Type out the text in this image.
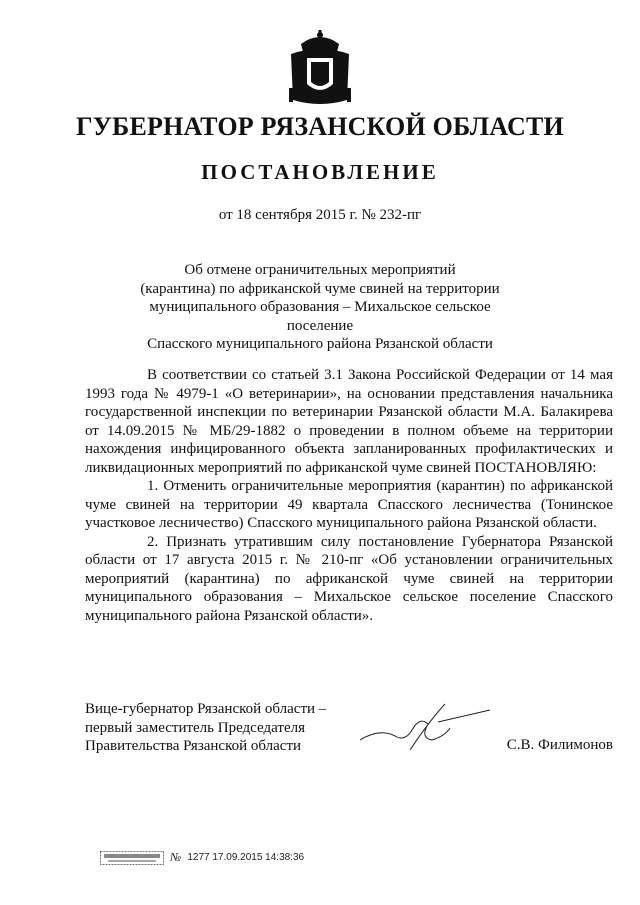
ГУБЕРНАТОР РЯЗАНСКОЙ ОБЛАСТИ
ПОСТАНОВЛЕНИЕ
от 18 сентября 2015 г. № 232-пг
Об отмене ограничительных мероприятий
(карантина) по африканской чуме свиней на территории
муниципального образования – Михальское сельское поселение
Спасского муниципального района Рязанской области

В соответствии со статьей 3.1 Закона Российской Федерации от 14 мая 1993 года № 4979-1 «О ветеринарии», на основании представления начальника государственной инспекции по ветеринарии Рязанской области М.А. Балакирева от 14.09.2015 № МБ/29-1882 о проведении в полном объеме на территории нахождения инфицированного объекта запланированных профилактических и ликвидационных мероприятий по африканской чуме свиней ПОСТАНОВЛЯЮ:

1. Отменить ограничительные мероприятия (карантин) по африканской чуме свиней на территории 49 квартала Спасского лесничества (Тонинское участковое лесничество) Спасского муниципального района Рязанской области.

2. Признать утратившим силу постановление Губернатора Рязанской области от 17 августа 2015 г. № 210-пг «Об установлении ограничительных мероприятий (карантина) по африканской чуме свиней на территории муниципального образования – Михальское сельское поселение Спасского муниципального района Рязанской области».

Вице-губернатор Рязанской области –
первый заместитель Председателя
Правительства Рязанской области	С.В. Филимонов
№ 1277 17.09.2015 14:38:36
